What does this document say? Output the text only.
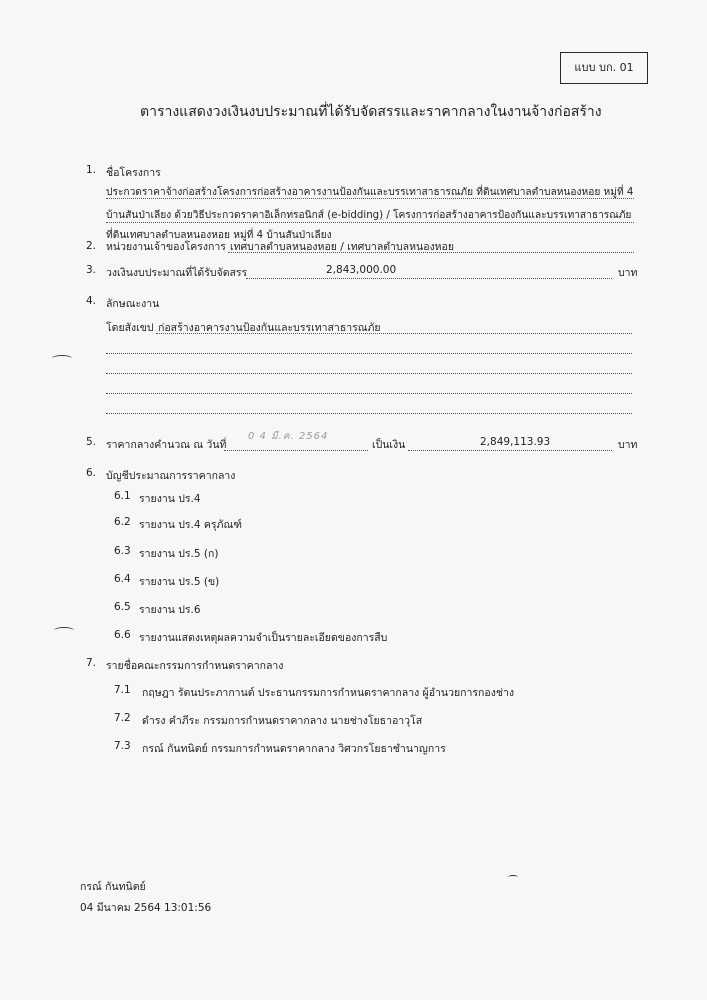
แบบ บก. 01
ตารางแสดงวงเงินงบประมาณที่ได้รับจัดสรรและราคากลางในงานจ้างก่อสร้าง
1. ชื่อโครงการ
ประกวดราคาจ้างก่อสร้างโครงการก่อสร้างอาคารงานป้องกันและบรรเทาสาธารณภัย ที่ดินเทศบาลตำบลหนองหอย หมู่ที่ 4
บ้านสันป่าเลียง ด้วยวิธีประกวดราคาอิเล็กทรอนิกส์ (e-bidding) / โครงการก่อสร้างอาคารป้องกันและบรรเทาสาธารณภัย
ที่ดินเทศบาลตำบลหนองหอย หมู่ที่ 4 บ้านสันป่าเลียง
2. หน่วยงานเจ้าของโครงการ เทศบาลตำบลหนองหอย / เทศบาลตำบลหนองหอย
3. วงเงินงบประมาณที่ได้รับจัดสรร	2,843,000.00	บาท
4. ลักษณะงาน
โดยสังเขป ก่อสร้างอาคารงานป้องกันและบรรเทาสาธารณภัย
5. ราคากลางคำนวณ ณ วันที่
0 4 มี.ค. 2564
เป็นเงิน	2,849,113.93	บาท
6. บัญชีประมาณการราคากลาง
6.1 รายงาน ปร.4
6.2 รายงาน ปร.4 ครุภัณฑ์
6.3 รายงาน ปร.5 (ก)
6.4 รายงาน ปร.5 (ข)
6.5 รายงาน ปร.6
6.6 รายงานแสดงเหตุผลความจำเป็นรายละเอียดของการสืบ
7. รายชื่อคณะกรรมการกำหนดราคากลาง
7.1 กฤษฎา รัตนประภากานต์ ประธานกรรมการกำหนดราคากลาง ผู้อำนวยการกองช่าง
7.2 ดำรง คำภีระ กรรมการกำหนดราคากลาง นายช่างโยธาอาวุโส
7.3 กรณ์ กันทนิตย์ กรรมการกำหนดราคากลาง วิศวกรโยธาชำนาญการ
กรณ์ กันทนิตย์
04 มีนาคม 2564 13:01:56
